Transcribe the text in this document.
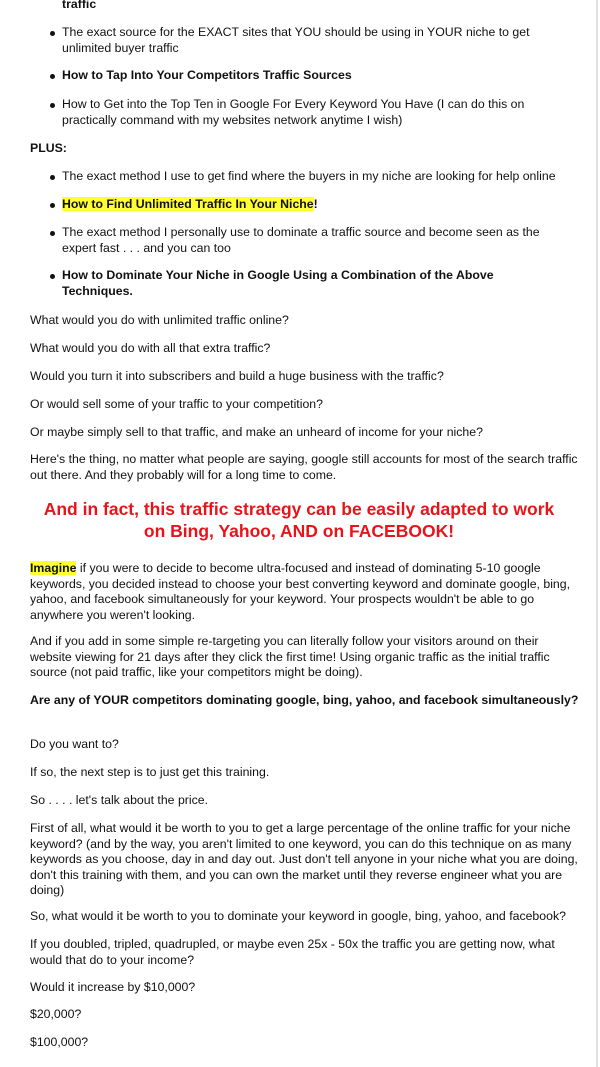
traffic

The exact source for the EXACT sites that YOU should be using in YOUR niche to get unlimited buyer traffic
How to Tap Into Your Competitors Traffic Sources
How to Get into the Top Ten in Google For Every Keyword You Have (I can do this on practically command with my websites network anytime I wish)

PLUS:

The exact method I use to get find where the buyers in my niche are looking for help online
How to Find Unlimited Traffic In Your Niche!
The exact method I personally use to dominate a traffic source and become seen as the expert fast . . . and you can too
How to Dominate Your Niche in Google Using a Combination of the Above Techniques.

What would you do with unlimited traffic online?

What would you do with all that extra traffic?

Would you turn it into subscribers and build a huge business with the traffic?

Or would sell some of your traffic to your competition?

Or maybe simply sell to that traffic, and make an unheard of income for your niche?

Here's the thing, no matter what people are saying, google still accounts for most of the search traffic out there. And they probably will for a long time to come.

And in fact, this traffic strategy can be easily adapted to work on Bing, Yahoo, AND on FACEBOOK!

Imagine if you were to decide to become ultra-focused and instead of dominating 5-10 google keywords, you decided instead to choose your best converting keyword and dominate google, bing, yahoo, and facebook simultaneously for your keyword. Your prospects wouldn't be able to go anywhere you weren't looking.

And if you add in some simple re-targeting you can literally follow your visitors around on their website viewing for 21 days after they click the first time! Using organic traffic as the initial traffic source (not paid traffic, like your competitors might be doing).

Are any of YOUR competitors dominating google, bing, yahoo, and facebook simultaneously?

Do you want to?

If so, the next step is to just get this training.

So . . . . let's talk about the price.

First of all, what would it be worth to you to get a large percentage of the online traffic for your niche keyword? (and by the way, you aren't limited to one keyword, you can do this technique on as many keywords as you choose, day in and day out. Just don't tell anyone in your niche what you are doing, don't this training with them, and you can own the market until they reverse engineer what you are doing)

So, what would it be worth to you to dominate your keyword in google, bing, yahoo, and facebook?

If you doubled, tripled, quadrupled, or maybe even 25x - 50x the traffic you are getting now, what would that do to your income?

Would it increase by $10,000?

$20,000?

$100,000?
